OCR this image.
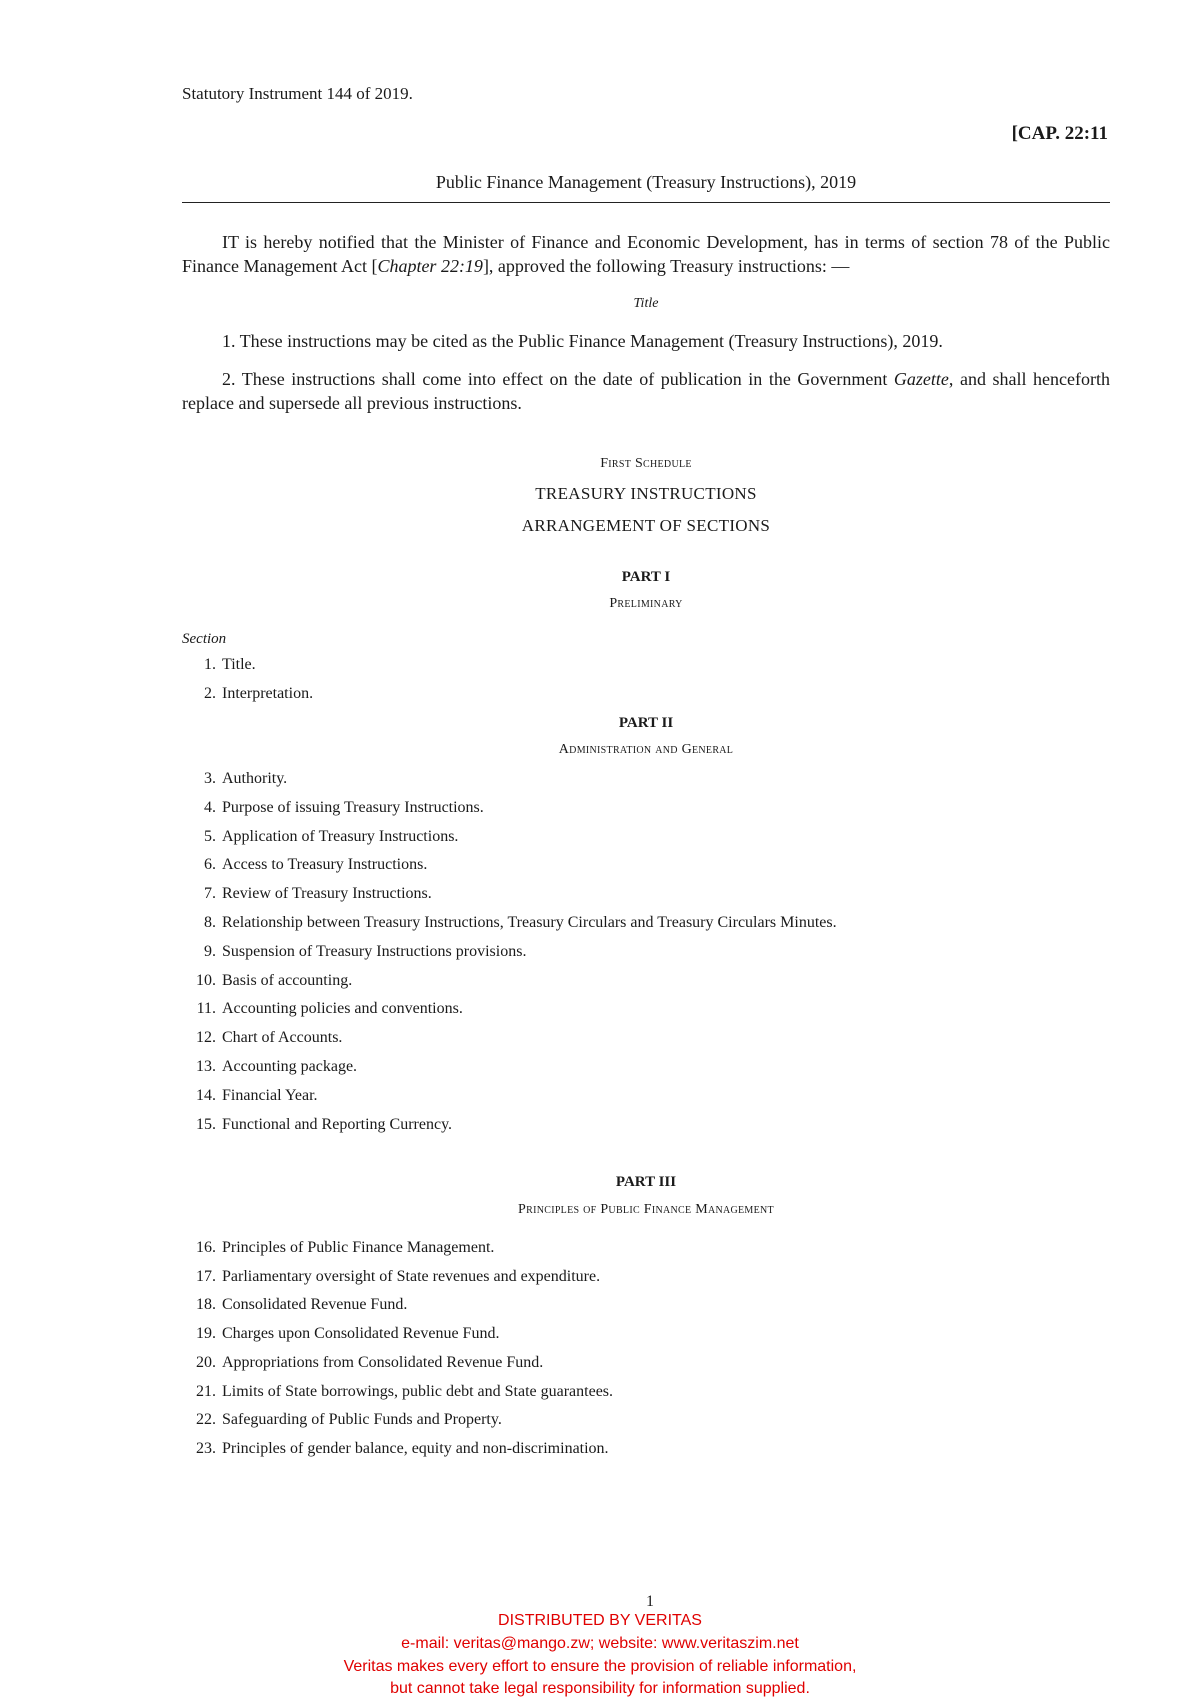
Statutory Instrument 144 of 2019.
[CAP. 22:11
Public Finance Management (Treasury Instructions), 2019
IT is hereby notified that the Minister of Finance and Economic Development, has in terms of section 78 of the Public Finance Management Act [Chapter 22:19], approved the following Treasury instructions: —
Title
1. These instructions may be cited as the Public Finance Management (Treasury Instructions), 2019.
2. These instructions shall come into effect on the date of publication in the Government Gazette, and shall henceforth replace and supersede all previous instructions.
First Schedule
TREASURY INSTRUCTIONS
ARRANGEMENT OF SECTIONS
PART I
Preliminary
Section
1. Title.
2. Interpretation.
PART II
Administration and General
3. Authority.
4. Purpose of issuing Treasury Instructions.
5. Application of Treasury Instructions.
6. Access to Treasury Instructions.
7. Review of Treasury Instructions.
8. Relationship between Treasury Instructions, Treasury Circulars and Treasury Circulars Minutes.
9. Suspension of Treasury Instructions provisions.
10. Basis of accounting.
11. Accounting policies and conventions.
12. Chart of Accounts.
13. Accounting package.
14. Financial Year.
15. Functional and Reporting Currency.
PART III
Principles of Public Finance Management
16. Principles of Public Finance Management.
17. Parliamentary oversight of State revenues and expenditure.
18. Consolidated Revenue Fund.
19. Charges upon Consolidated Revenue Fund.
20. Appropriations from Consolidated Revenue Fund.
21. Limits of State borrowings, public debt and State guarantees.
22. Safeguarding of Public Funds and Property.
23. Principles of gender balance, equity and non-discrimination.
1
DISTRIBUTED BY VERITAS
e-mail: veritas@mango.zw; website: www.veritaszim.net
Veritas makes every effort to ensure the provision of reliable information,
but cannot take legal responsibility for information supplied.
